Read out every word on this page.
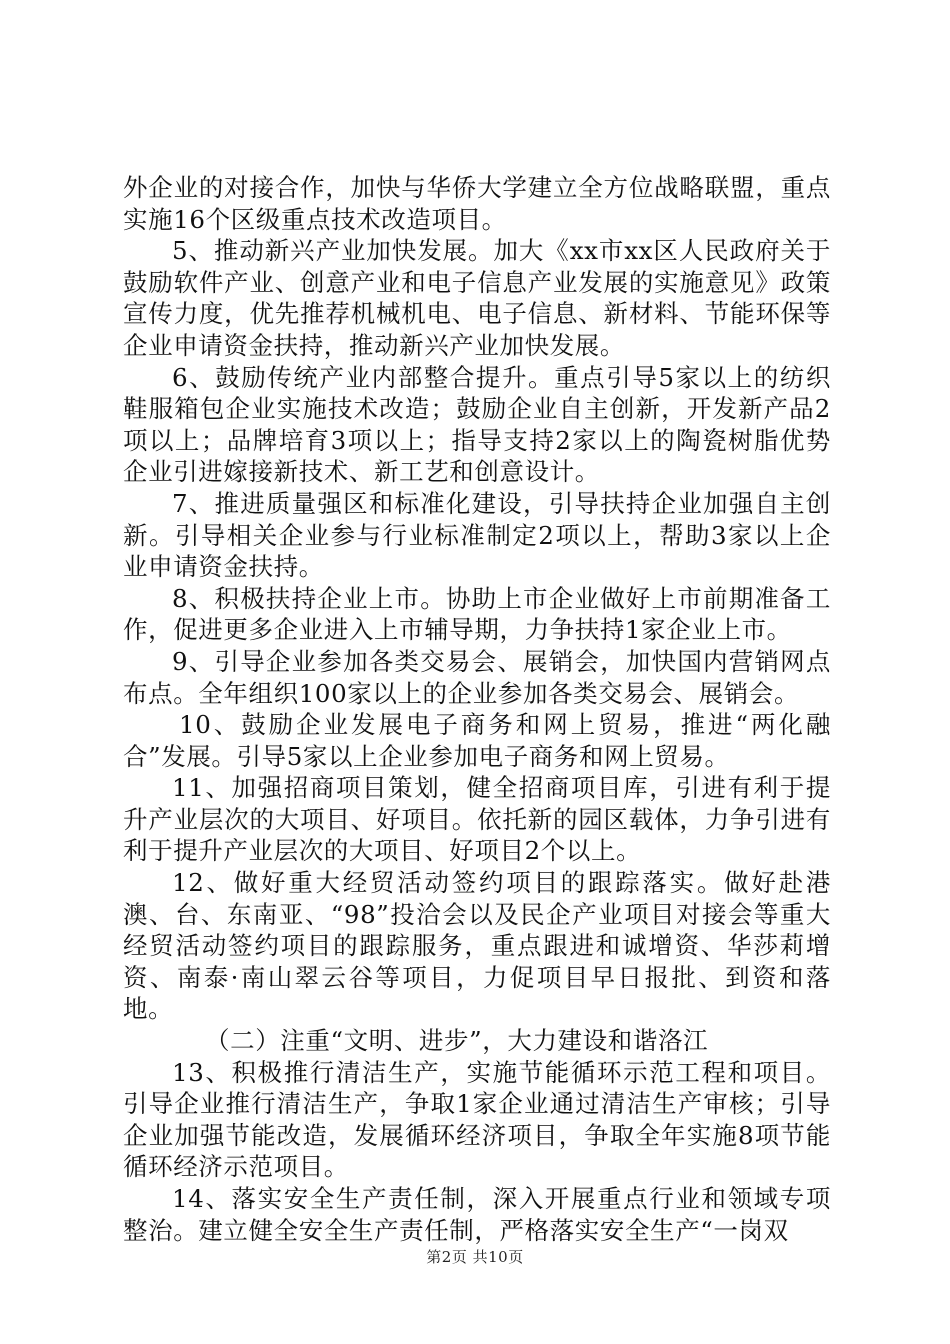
外企业的对接合作，加快与华侨大学建立全方位战略联盟，重点实施16个区级重点技术改造项目。

5、推动新兴产业加快发展。加大《xx市xx区人民政府关于鼓励软件产业、创意产业和电子信息产业发展的实施意见》政策宣传力度，优先推荐机械机电、电子信息、新材料、节能环保等企业申请资金扶持，推动新兴产业加快发展。

6、鼓励传统产业内部整合提升。重点引导5家以上的纺织鞋服箱包企业实施技术改造；鼓励企业自主创新，开发新产品2项以上；品牌培育3项以上；指导支持2家以上的陶瓷树脂优势企业引进嫁接新技术、新工艺和创意设计。

7、推进质量强区和标准化建设，引导扶持企业加强自主创新。引导相关企业参与行业标准制定2项以上，帮助3家以上企业申请资金扶持。

8、积极扶持企业上市。协助上市企业做好上市前期准备工作，促进更多企业进入上市辅导期，力争扶持1家企业上市。

9、引导企业参加各类交易会、展销会，加快国内营销网点布点。全年组织100家以上的企业参加各类交易会、展销会。

10、鼓励企业发展电子商务和网上贸易，推进“两化融合”发展。引导5家以上企业参加电子商务和网上贸易。

11、加强招商项目策划，健全招商项目库，引进有利于提升产业层次的大项目、好项目。依托新的园区载体，力争引进有利于提升产业层次的大项目、好项目2个以上。

12、做好重大经贸活动签约项目的跟踪落实。做好赴港澳、台、东南亚、“98”投洽会以及民企产业项目对接会等重大经贸活动签约项目的跟踪服务，重点跟进和诚增资、华莎莉增资、南泰·南山翠云谷等项目，力促项目早日报批、到资和落地。

（二）注重“文明、进步”，大力建设和谐洛江

13、积极推行清洁生产，实施节能循环示范工程和项目。引导企业推行清洁生产，争取1家企业通过清洁生产审核；引导企业加强节能改造，发展循环经济项目，争取全年实施8项节能循环经济示范项目。

14、落实安全生产责任制，深入开展重点行业和领域专项整治。建立健全安全生产责任制，严格落实安全生产“一岗双

第2页 共10页
